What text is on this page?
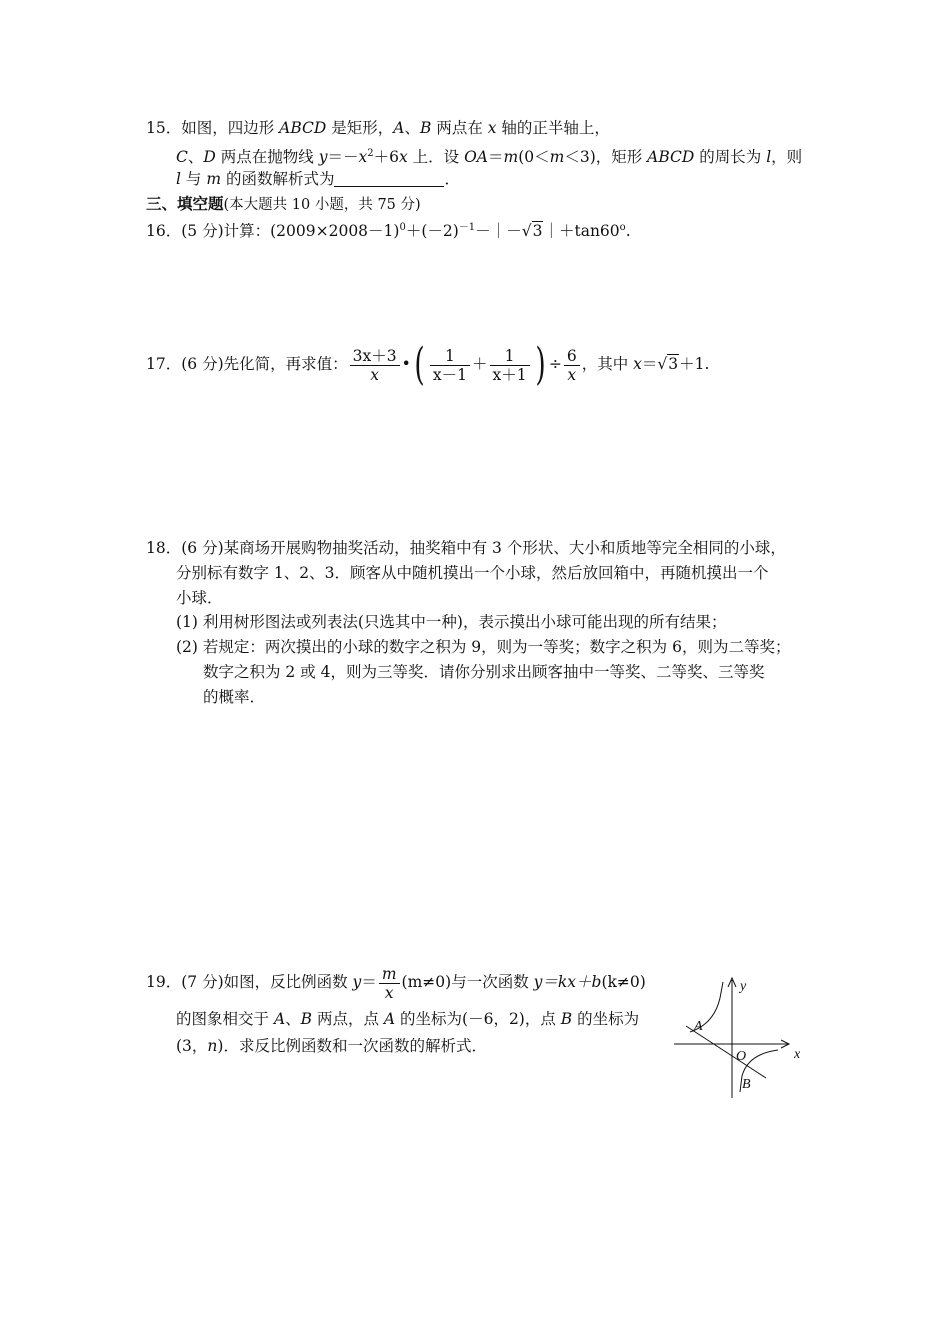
15．如图，四边形 ABCD 是矩形，A、B 两点在 x 轴的正半轴上，
C、D 两点在抛物线 $y=-x^2+6x$ 上．设 OA＝m(0＜m＜3)，矩形 ABCD 的周长为 l，则
l 与 m 的函数解析式为	．
三、填空题(本大题共 10 小题，共 75 分)
16．(5 分)计算：$(2009\times 2008-1)^0+(-2)^{-1}-|-√3|+\tan 60^o$.
17．(6 分)先化简，再求值： $\frac{3x+3}{x}$ •( $\frac{1}{x-1} + \frac{1}{x+1}$ ) ÷ $\frac{6}{x}$ ，其中 x＝√3＋1.
18．(6 分)某商场开展购物抽奖活动，抽奖箱中有 3 个形状、大小和质地等完全相同的小球，
分别标有数字 1、2、3．顾客从中随机摸出一个小球，然后放回箱中，再随机摸出一个
小球．
(1) 利用树形图法或列表法(只选其中一种)，表示摸出小球可能出现的所有结果；
(2) 若规定：两次摸出的小球的数字之积为 9，则为一等奖；数字之积为 6，则为二等奖；
数字之积为 2 或 4，则为三等奖．请你分别求出顾客抽中一等奖、二等奖、三等奖
的概率．
19．(7 分)如图，反比例函数 $y= \frac{m}{x} (m\ne 0)$与一次函数 y＝kx＋b(k≠0)
的图象相交于 A、B 两点，点 A 的坐标为(－6，2)，点 B 的坐标为
(3，n)．求反比例函数和一次函数的解析式．	x
y
O
A
B
